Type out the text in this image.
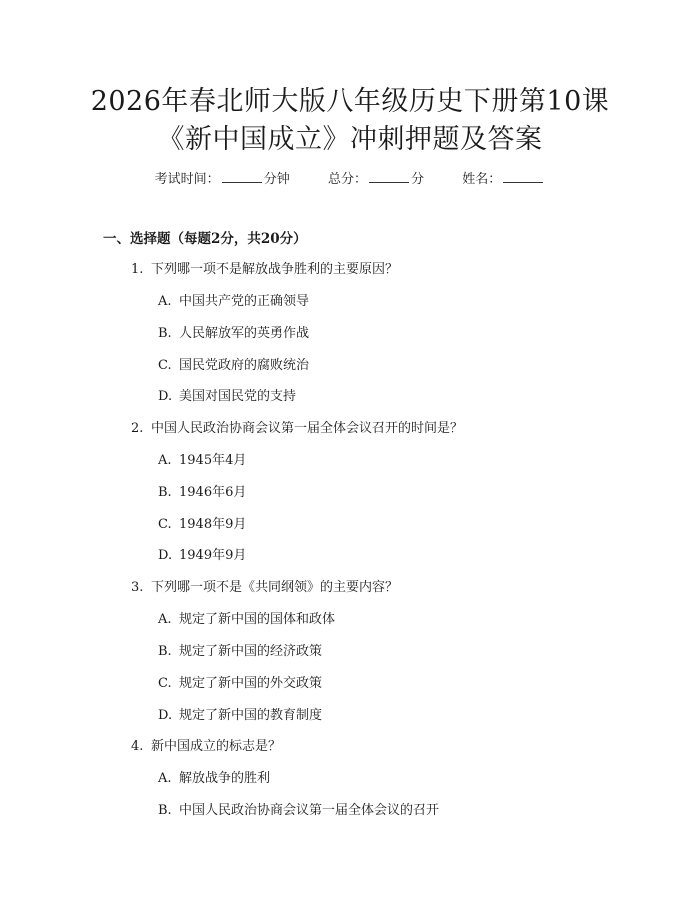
2026年春北师大版八年级历史下册第10课
《新中国成立》冲刺押题及答案
考试时间：	分钟	总分：	分	姓名：
一、选择题（每题2分，共20分）
1. 下列哪一项不是解放战争胜利的主要原因？
A. 中国共产党的正确领导
B. 人民解放军的英勇作战
C. 国民党政府的腐败统治
D. 美国对国民党的支持
2. 中国人民政治协商会议第一届全体会议召开的时间是？
A. 1945年4月
B. 1946年6月
C. 1948年9月
D. 1949年9月
3. 下列哪一项不是《共同纲领》的主要内容？
A. 规定了新中国的国体和政体
B. 规定了新中国的经济政策
C. 规定了新中国的外交政策
D. 规定了新中国的教育制度
4. 新中国成立的标志是？
A. 解放战争的胜利
B. 中国人民政治协商会议第一届全体会议的召开
